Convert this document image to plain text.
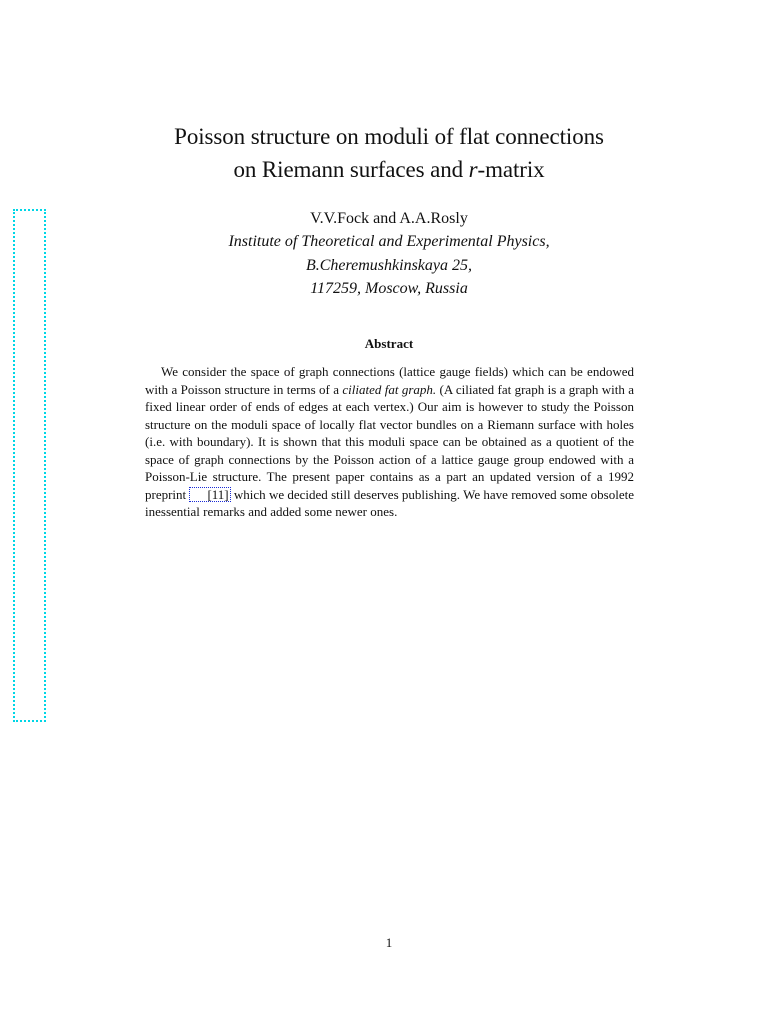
Poisson structure on moduli of flat connections
on Riemann surfaces and r-matrix
V.V.Fock and A.A.Rosly
Institute of Theoretical and Experimental Physics,
B.Cheremushkinskaya 25,
117259, Moscow, Russia
Abstract

We consider the space of graph connections (lattice gauge fields) which can be endowed with a Poisson structure in terms of a ciliated fat graph. (A ciliated fat graph is a graph with a fixed linear order of ends of edges at each vertex.) Our aim is however to study the Poisson structure on the moduli space of locally flat vector bundles on a Riemann surface with holes (i.e. with boundary). It is shown that this moduli space can be obtained as a quotient of the space of graph connections by the Poisson action of a lattice gauge group endowed with a Poisson-Lie structure. The present paper contains as a part an updated version of a 1992 preprint [11] which we decided still deserves publishing. We have removed some obsolete inessential remarks and added some newer ones.

1
